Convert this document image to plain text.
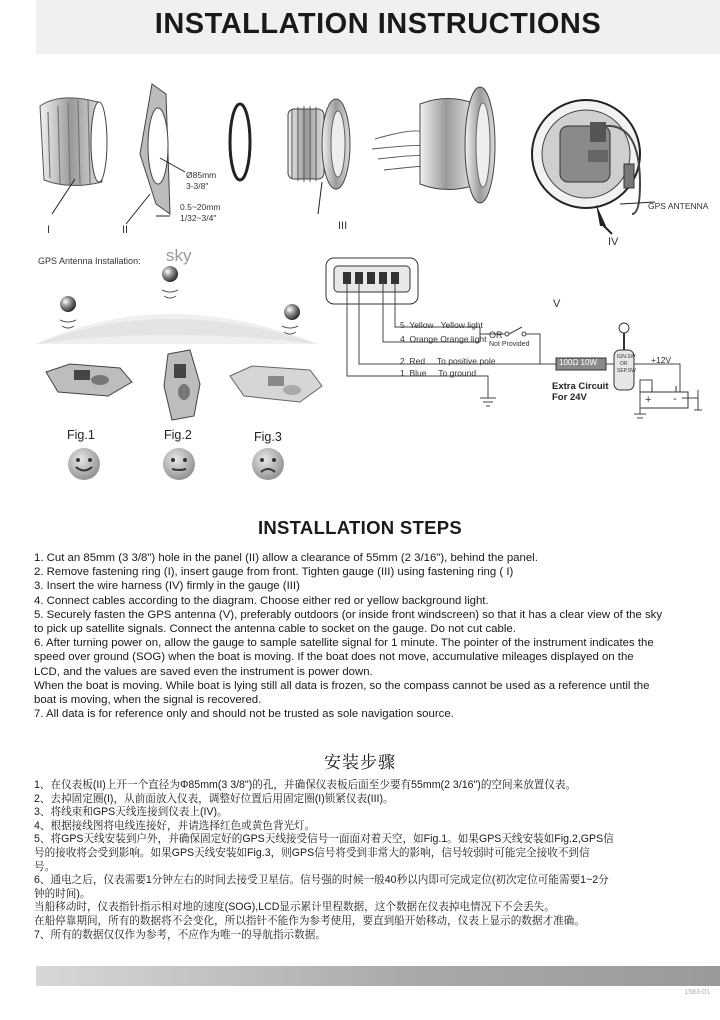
INSTALLATION INSTRUCTIONS
Ø85mm
3-3/8"
0.5~20mm
1/32~3/4"
GPS ANTENNA
I	II	III
IV
V
GPS Antenna Installation: sky
Fig.1	Fig.2	Fig.3
5 Yellow Yellow light
4 Orange Orange light
2 Red To positive pole
1 Blue To ground
OR
Not Provided
100Ω 10W
Extra Circuit
For 24V
IGN.SW
OR
SEP.SW
+12V
+ -
INSTALLATION STEPS
1. Cut an 85mm (3 3/8") hole in the panel (II) allow a clearance of 55mm (2 3/16"), behind the panel.
2. Remove fastening ring (I), insert gauge from front. Tighten gauge (III) using fastening ring ( I)
3. Insert the wire harness (IV) firmly in the gauge (III)
4. Connect cables according to the diagram. Choose either red or yellow background light.
5. Securely fasten the GPS antenna (V), preferably outdoors (or inside front windscreen) so that it has a clear view of the sky
to pick up satellite signals. Connect the antenna cable to socket on the gauge. Do not cut cable.
6. After turning power on, allow the gauge to sample satellite signal for 1 minute. The pointer of the instrument indicates the
speed over ground (SOG) when the boat is moving. If the boat does not move, accumulative mileages displayed on the
LCD, and the values are saved even the instrument is power down.
When the boat is moving. While boat is lying still all data is frozen, so the compass cannot be used as a reference until the
boat is moving, when the signal is recovered.
7. All data is for reference only and should not be trusted as sole navigation source.
安装步骤
1、在仪表板(II)上开一个直径为Φ85mm(3 3/8")的孔，并确保仪表板后面至少要有55mm(2 3/16")的空间来放置仪表。
2、去掉固定圈(I)，从前面放入仪表，调整好位置后用固定圈(I)锁紧仪表(III)。
3、将线束和GPS天线连接到仪表上(IV)。
4、根据接线图将电线连接好，并请选择红色或黄色背光灯。
5、将GPS天线安装到户外，并确保固定好的GPS天线接受信号一面面对着天空，如Fig.1。如果GPS天线安装如Fig.2,GPS信
号的接收将会受到影响。如果GPS天线安装如Fig.3，则GPS信号将受到非常大的影响，信号较弱时可能完全接收不到信
号。
6、通电之后，仪表需要1分钟左右的时间去接受卫星信。信号强的时候一般40秒以内即可完成定位(初次定位可能需要1~2分
钟的时间)。
当船移动时，仪表指针指示相对地的速度(SOG),LCD显示累计里程数据，这个数据在仪表掉电情况下不会丢失。
在船停靠期间，所有的数据将不会变化，所以指针不能作为参考使用，要直到船开始移动，仪表上显示的数据才准确。
7、所有的数据仅仅作为参考，不应作为唯一的导航指示数据。
1583-01
